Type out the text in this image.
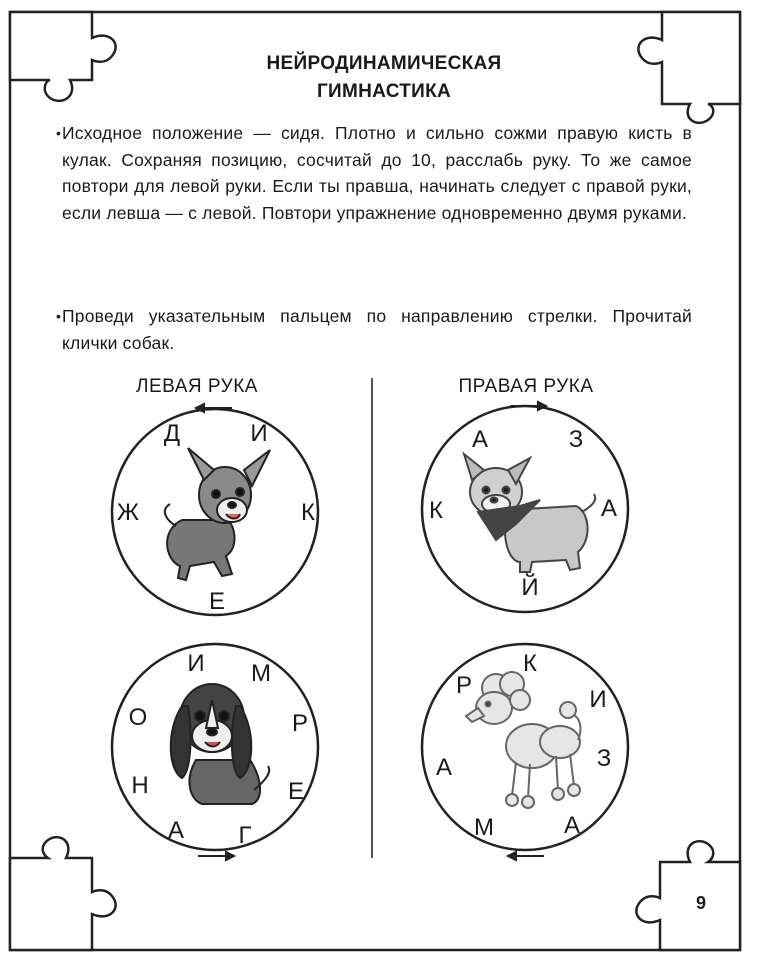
НЕЙРОДИНАМИЧЕСКАЯ
ГИМНАСТИКА
• Исходное положение — сидя. Плотно и сильно сожми правую кисть в кулак. Сохраняя позицию, сосчитай до 10, расслабь руку. То же самое повтори для левой руки. Если ты правша, начинать следует с правой руки, если левша — с левой. Повтори упражнение одновременно двумя руками.
• Проведи указательным пальцем по направлению стрелки. Прочитай клички собак.
ЛЕВАЯ РУКА	ПРАВАЯ РУКА
Д	И
Ж	К
Е
А	З
К	А
Й
И М
О	Р
Н	Е
А Г
К
Р
И
А	З
М	А
9
